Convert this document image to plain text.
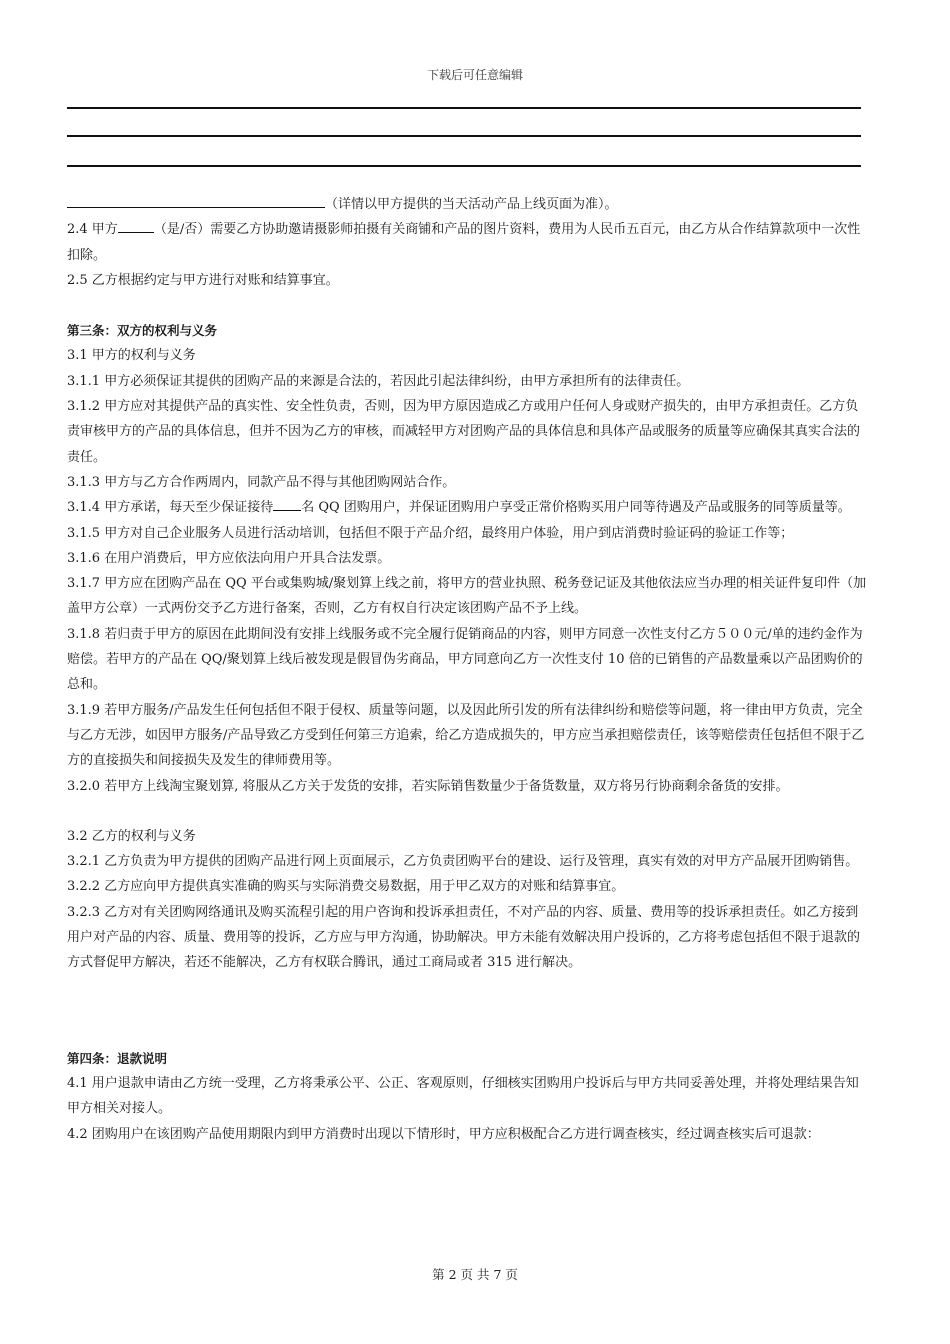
下载后可任意编辑

（详情以甲方提供的当天活动产品上线页面为准）。

2.4 甲方	（是/否）需要乙方协助邀请摄影师拍摄有关商铺和产品的图片资料，费用为人民币五百元，由乙方从合作结算款项中一次性扣除。

2.5 乙方根据约定与甲方进行对账和结算事宜。

第三条：双方的权利与义务

3.1 甲方的权利与义务

3.1.1 甲方必须保证其提供的团购产品的来源是合法的，若因此引起法律纠纷，由甲方承担所有的法律责任。

3.1.2 甲方应对其提供产品的真实性、安全性负责，否则，因为甲方原因造成乙方或用户任何人身或财产损失的，由甲方承担责任。乙方负责审核甲方的产品的具体信息，但并不因为乙方的审核，而减轻甲方对团购产品的具体信息和具体产品或服务的质量等应确保其真实合法的责任。

3.1.3 甲方与乙方合作两周内，同款产品不得与其他团购网站合作。

3.1.4 甲方承诺，每天至少保证接待 名 QQ 团购用户，并保证团购用户享受正常价格购买用户同等待遇及产品或服务的同等质量等。

3.1.5 甲方对自己企业服务人员进行活动培训，包括但不限于产品介绍，最终用户体验，用户到店消费时验证码的验证工作等；

3.1.6 在用户消费后，甲方应依法向用户开具合法发票。

3.1.7 甲方应在团购产品在 QQ 平台或集购城/聚划算上线之前，将甲方的营业执照、税务登记证及其他依法应当办理的相关证件复印件（加盖甲方公章）一式两份交予乙方进行备案，否则，乙方有权自行决定该团购产品不予上线。

3.1.8 若归责于甲方的原因在此期间没有安排上线服务或不完全履行促销商品的内容，则甲方同意一次性支付乙方５００元/单的违约金作为赔偿。若甲方的产品在 QQ/聚划算上线后被发现是假冒伪劣商品，甲方同意向乙方一次性支付 10 倍的已销售的产品数量乘以产品团购价的总和。

3.1.9 若甲方服务/产品发生任何包括但不限于侵权、质量等问题，以及因此所引发的所有法律纠纷和赔偿等问题，将一律由甲方负责，完全与乙方无涉，如因甲方服务/产品导致乙方受到任何第三方追索，给乙方造成损失的，甲方应当承担赔偿责任，该等赔偿责任包括但不限于乙方的直接损失和间接损失及发生的律师费用等。

3.2.0 若甲方上线淘宝聚划算, 将服从乙方关于发货的安排，若实际销售数量少于备货数量，双方将另行协商剩余备货的安排。

3.2 乙方的权利与义务

3.2.1 乙方负责为甲方提供的团购产品进行网上页面展示，乙方负责团购平台的建设、运行及管理，真实有效的对甲方产品展开团购销售。

3.2.2 乙方应向甲方提供真实准确的购买与实际消费交易数据，用于甲乙双方的对账和结算事宜。

3.2.3 乙方对有关团购网络通讯及购买流程引起的用户咨询和投诉承担责任，不对产品的内容、质量、费用等的投诉承担责任。如乙方接到用户对产品的内容、质量、费用等的投诉，乙方应与甲方沟通，协助解决。甲方未能有效解决用户投诉的，乙方将考虑包括但不限于退款的方式督促甲方解决，若还不能解决，乙方有权联合腾讯，通过工商局或者 315 进行解决。

第四条：退款说明

4.1 用户退款申请由乙方统一受理，乙方将秉承公平、公正、客观原则，仔细核实团购用户投诉后与甲方共同妥善处理，并将处理结果告知甲方相关对接人。

4.2 团购用户在该团购产品使用期限内到甲方消费时出现以下情形时，甲方应积极配合乙方进行调查核实，经过调查核实后可退款：

第 2 页 共 7 页
